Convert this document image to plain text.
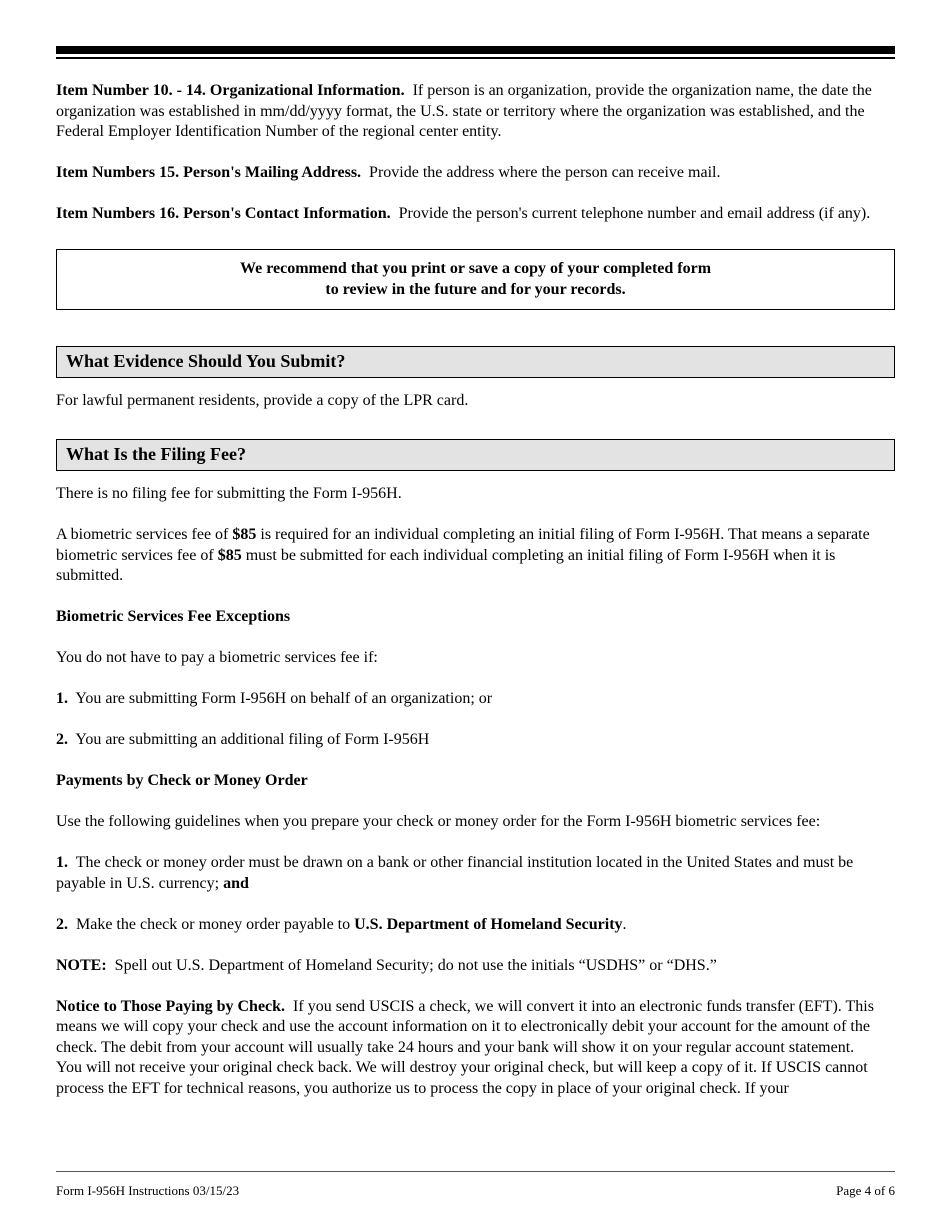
Item Number 10. - 14. Organizational Information. If person is an organization, provide the organization name, the date the organization was established in mm/dd/yyyy format, the U.S. state or territory where the organization was established, and the Federal Employer Identification Number of the regional center entity.

Item Numbers 15. Person's Mailing Address. Provide the address where the person can receive mail.

Item Numbers 16. Person's Contact Information. Provide the person's current telephone number and email address (if any).

We recommend that you print or save a copy of your completed form
to review in the future and for your records.
What Evidence Should You Submit?

For lawful permanent residents, provide a copy of the LPR card.

What Is the Filing Fee?

There is no filing fee for submitting the Form I-956H.

A biometric services fee of $85 is required for an individual completing an initial filing of Form I-956H. That means a separate biometric services fee of $85 must be submitted for each individual completing an initial filing of Form I-956H when it is submitted.

Biometric Services Fee Exceptions

You do not have to pay a biometric services fee if:

1. You are submitting Form I-956H on behalf of an organization; or

2. You are submitting an additional filing of Form I-956H

Payments by Check or Money Order

Use the following guidelines when you prepare your check or money order for the Form I-956H biometric services fee:

1. The check or money order must be drawn on a bank or other financial institution located in the United States and must be payable in U.S. currency; and

2. Make the check or money order payable to U.S. Department of Homeland Security.

NOTE: Spell out U.S. Department of Homeland Security; do not use the initials “USDHS” or “DHS.”

Notice to Those Paying by Check. If you send USCIS a check, we will convert it into an electronic funds transfer (EFT). This means we will copy your check and use the account information on it to electronically debit your account for the amount of the check. The debit from your account will usually take 24 hours and your bank will show it on your regular account statement.

You will not receive your original check back. We will destroy your original check, but will keep a copy of it. If USCIS cannot process the EFT for technical reasons, you authorize us to process the copy in place of your original check. If your

Form I-956H Instructions 03/15/23	Page 4 of 6
